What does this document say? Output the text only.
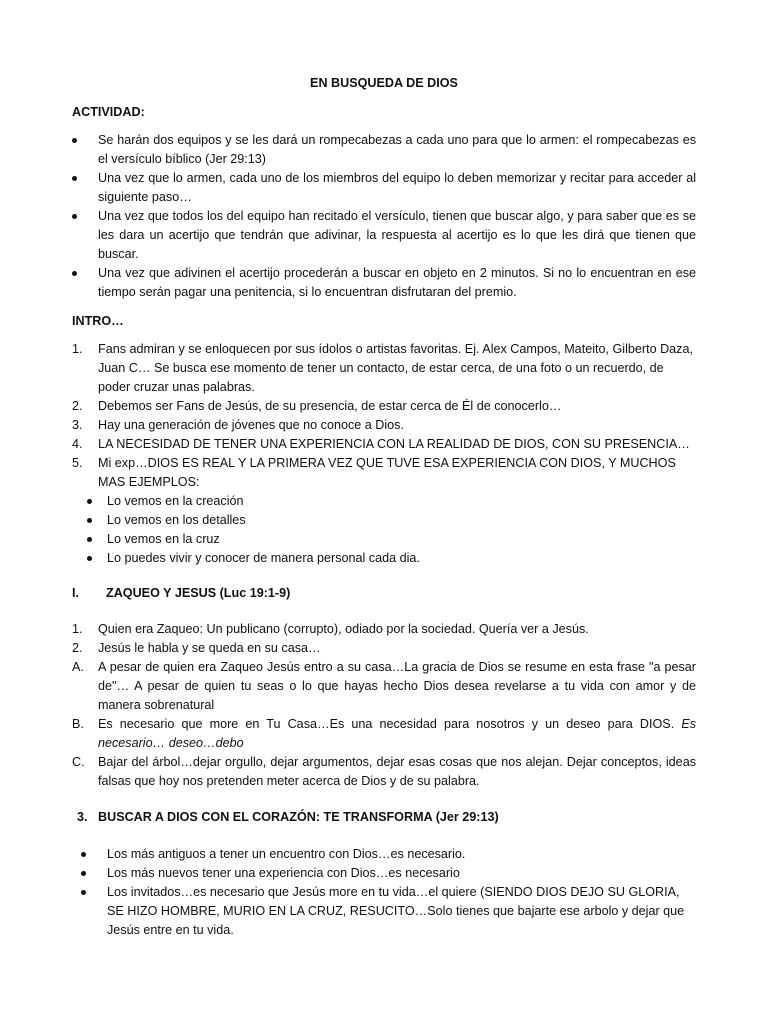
EN BUSQUEDA DE DIOS
ACTIVIDAD:
Se harán dos equipos y se les dará un rompecabezas a cada uno para que lo armen: el rompecabezas es el versículo bíblico (Jer 29:13)
Una vez que lo armen, cada uno de los miembros del equipo lo deben memorizar y recitar para acceder al siguiente paso…
Una vez que todos los del equipo han recitado el versículo, tienen que buscar algo, y para saber que es se les dara un acertijo que tendrán que adivinar, la respuesta al acertijo es lo que les dirá que tienen que buscar.
Una vez que adivinen el acertijo procederán a buscar en objeto en 2 minutos. Si no lo encuentran en ese tiempo serán pagar una penitencia, si lo encuentran disfrutaran del premio.
INTRO…
1. Fans admiran y se enloquecen por sus ídolos o artistas favoritas. Ej. Alex Campos, Mateito, Gilberto Daza, Juan C… Se busca ese momento de tener un contacto, de estar cerca, de una foto o un recuerdo, de poder cruzar unas palabras.
2. Debemos ser Fans de Jesús, de su presencia, de estar cerca de Él de conocerlo…
3. Hay una generación de jóvenes que no conoce a Dios.
4. LA NECESIDAD DE TENER UNA EXPERIENCIA CON LA REALIDAD DE DIOS, CON SU PRESENCIA…
5. Mi exp…DIOS ES REAL Y LA PRIMERA VEZ QUE TUVE ESA EXPERIENCIA CON DIOS, Y MUCHOS MAS EJEMPLOS:
Lo vemos en la creación
Lo vemos en los detalles
Lo vemos en la cruz
Lo puedes vivir y conocer de manera personal cada dia.
I. ZAQUEO Y JESUS (Luc 19:1-9)
1. Quien era Zaqueo: Un publicano (corrupto), odiado por la sociedad. Quería ver a Jesús.
2. Jesús le habla y se queda en su casa…
A. A pesar de quien era Zaqueo Jesús entro a su casa…La gracia de Dios se resume en esta frase "a pesar de"… A pesar de quien tu seas o lo que hayas hecho Dios desea revelarse a tu vida con amor y de manera sobrenatural
B. Es necesario que more en Tu Casa…Es una necesidad para nosotros y un deseo para DIOS. Es necesario… deseo…debo
C. Bajar del árbol…dejar orgullo, dejar argumentos, dejar esas cosas que nos alejan. Dejar conceptos, ideas falsas que hoy nos pretenden meter acerca de Dios y de su palabra.
3. BUSCAR A DIOS CON EL CORAZÓN: TE TRANSFORMA (Jer 29:13)
Los más antiguos a tener un encuentro con Dios…es necesario.
Los más nuevos tener una experiencia con Dios…es necesario
Los invitados…es necesario que Jesús more en tu vida…el quiere (SIENDO DIOS DEJO SU GLORIA, SE HIZO HOMBRE, MURIO EN LA CRUZ, RESUCITO…Solo tienes que bajarte ese arbolo y dejar que Jesús entre en tu vida.
